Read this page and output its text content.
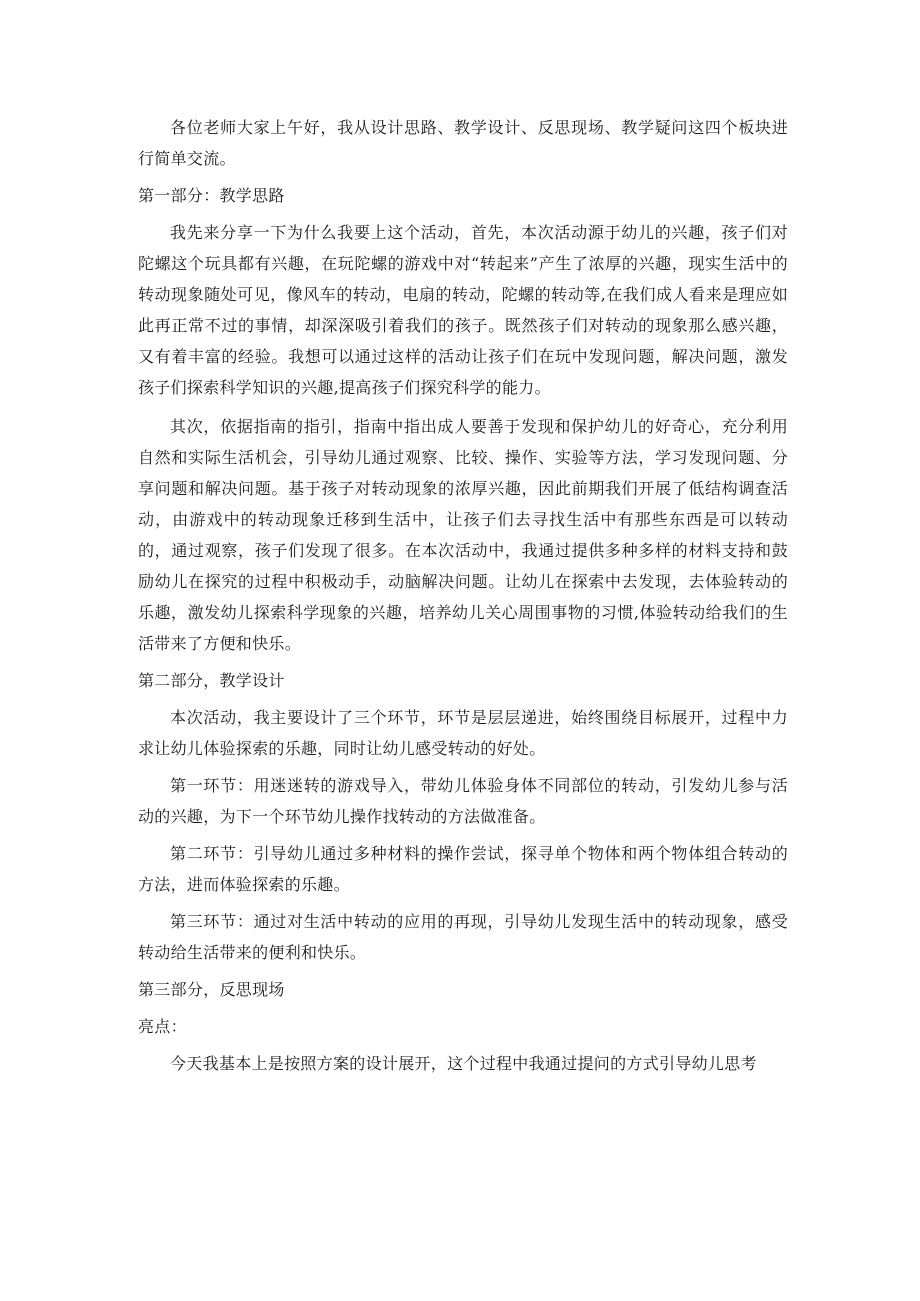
各位老师大家上午好，我从设计思路、教学设计、反思现场、教学疑问这四个板块进行简单交流。

第一部分：教学思路

我先来分享一下为什么我要上这个活动，首先，本次活动源于幼儿的兴趣，孩子们对陀螺这个玩具都有兴趣，在玩陀螺的游戏中对“转起来”产生了浓厚的兴趣，现实生活中的转动现象随处可见，像风车的转动，电扇的转动，陀螺的转动等,在我们成人看来是理应如此再正常不过的事情，却深深吸引着我们的孩子。既然孩子们对转动的现象那么感兴趣，又有着丰富的经验。我想可以通过这样的活动让孩子们在玩中发现问题，解决问题，激发孩子们探索科学知识的兴趣,提高孩子们探究科学的能力。

其次，依据指南的指引，指南中指出成人要善于发现和保护幼儿的好奇心，充分利用自然和实际生活机会，引导幼儿通过观察、比较、操作、实验等方法，学习发现问题、分享问题和解决问题。基于孩子对转动现象的浓厚兴趣，因此前期我们开展了低结构调查活动，由游戏中的转动现象迁移到生活中，让孩子们去寻找生活中有那些东西是可以转动的，通过观察，孩子们发现了很多。在本次活动中，我通过提供多种多样的材料支持和鼓励幼儿在探究的过程中积极动手，动脑解决问题。让幼儿在探索中去发现，去体验转动的乐趣，激发幼儿探索科学现象的兴趣，培养幼儿关心周围事物的习惯,体验转动给我们的生活带来了方便和快乐。

第二部分，教学设计

本次活动，我主要设计了三个环节，环节是层层递进，始终围绕目标展开，过程中力求让幼儿体验探索的乐趣，同时让幼儿感受转动的好处。

第一环节：用迷迷转的游戏导入，带幼儿体验身体不同部位的转动，引发幼儿参与活动的兴趣，为下一个环节幼儿操作找转动的方法做准备。

第二环节：引导幼儿通过多种材料的操作尝试，探寻单个物体和两个物体组合转动的方法，进而体验探索的乐趣。

第三环节：通过对生活中转动的应用的再现，引导幼儿发现生活中的转动现象，感受转动给生活带来的便利和快乐。

第三部分，反思现场

亮点：

今天我基本上是按照方案的设计展开，这个过程中我通过提问的方式引导幼儿思考
